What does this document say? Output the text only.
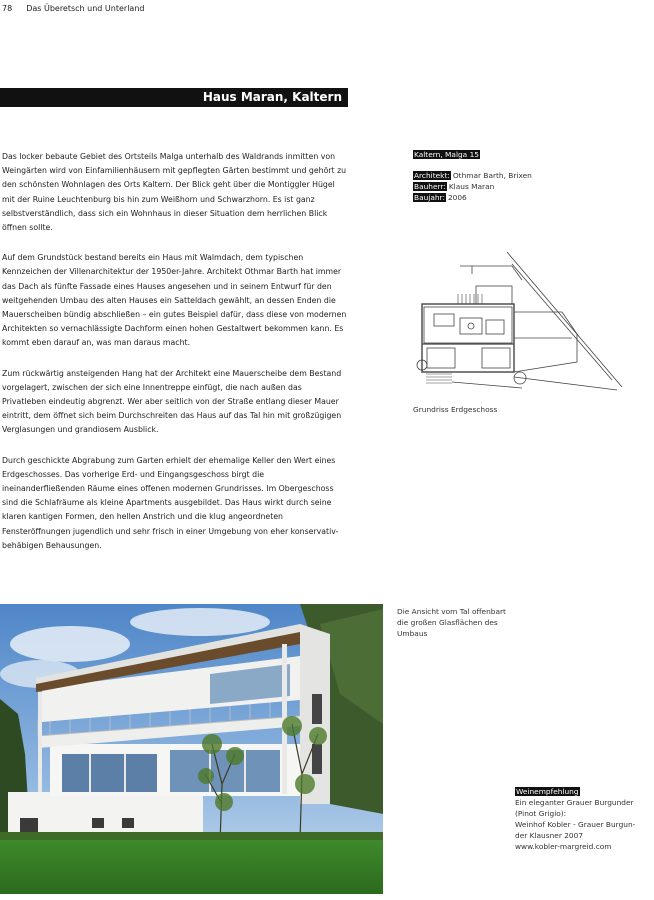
78 Das Überetsch und Unterland
Haus Maran, Kaltern

Das locker bebaute Gebiet des Ortsteils Malga unterhalb des Waldrands inmitten von Weingärten wird von Einfamilienhäusern mit gepflegten Gärten bestimmt und gehört zu den schönsten Wohnlagen des Orts Kaltern. Der Blick geht über die Montiggler Hügel mit der Ruine Leuchtenburg bis hin zum Weißhorn und Schwarzhorn. Es ist ganz selbstverständlich, dass sich ein Wohnhaus in dieser Situation dem herrlichen Blick öffnen sollte.

Auf dem Grundstück bestand bereits ein Haus mit Walmdach, dem typischen Kennzeichen der Villenarchitektur der 1950er-Jahre. Architekt Othmar Barth hat immer das Dach als fünfte Fassade eines Hauses angesehen und in seinem Entwurf für den weitgehenden Umbau des alten Hauses ein Satteldach gewählt, an dessen Enden die Mauerscheiben bündig abschließen – ein gutes Beispiel dafür, dass diese von modernen Architekten so vernachlässigte Dachform einen hohen Gestaltwert bekommen kann. Es kommt eben darauf an, was man daraus macht.

Zum rückwärtig ansteigenden Hang hat der Architekt eine Mauerscheibe dem Bestand vorgelagert, zwischen der sich eine Innentreppe einfügt, die nach außen das Privatleben eindeutig abgrenzt. Wer aber seitlich von der Straße entlang dieser Mauer eintritt, dem öffnet sich beim Durchschreiten das Haus auf das Tal hin mit großzügigen Verglasungen und grandiosem Ausblick.

Durch geschickte Abgrabung zum Garten erhielt der ehemalige Keller den Wert eines Erdgeschosses. Das vorherige Erd- und Eingangsgeschoss birgt die ineinanderfließenden Räume eines offenen modernen Grundrisses. Im Obergeschoss sind die Schlafräume als kleine Apartments ausgebildet. Das Haus wirkt durch seine klaren kantigen Formen, den hellen Anstrich und die klug angeordneten Fensteröffnungen jugendlich und sehr frisch in einer Umgebung von eher konservativ-behäbigen Behausungen.

Kaltern, Malga 15
Architekt: Othmar Barth, Brixen
Bauherr: Klaus Maran
Baujahr: 2006
Grundriss Erdgeschoss
Die Ansicht vom Tal offenbart die großen Glasflächen des Umbaus
Weinempfehlung
Ein eleganter Grauer Burgunder
(Pinot Grigio):
Weinhof Kobler - Grauer Burgun-
der Klausner 2007
www.kobler-margreid.com
